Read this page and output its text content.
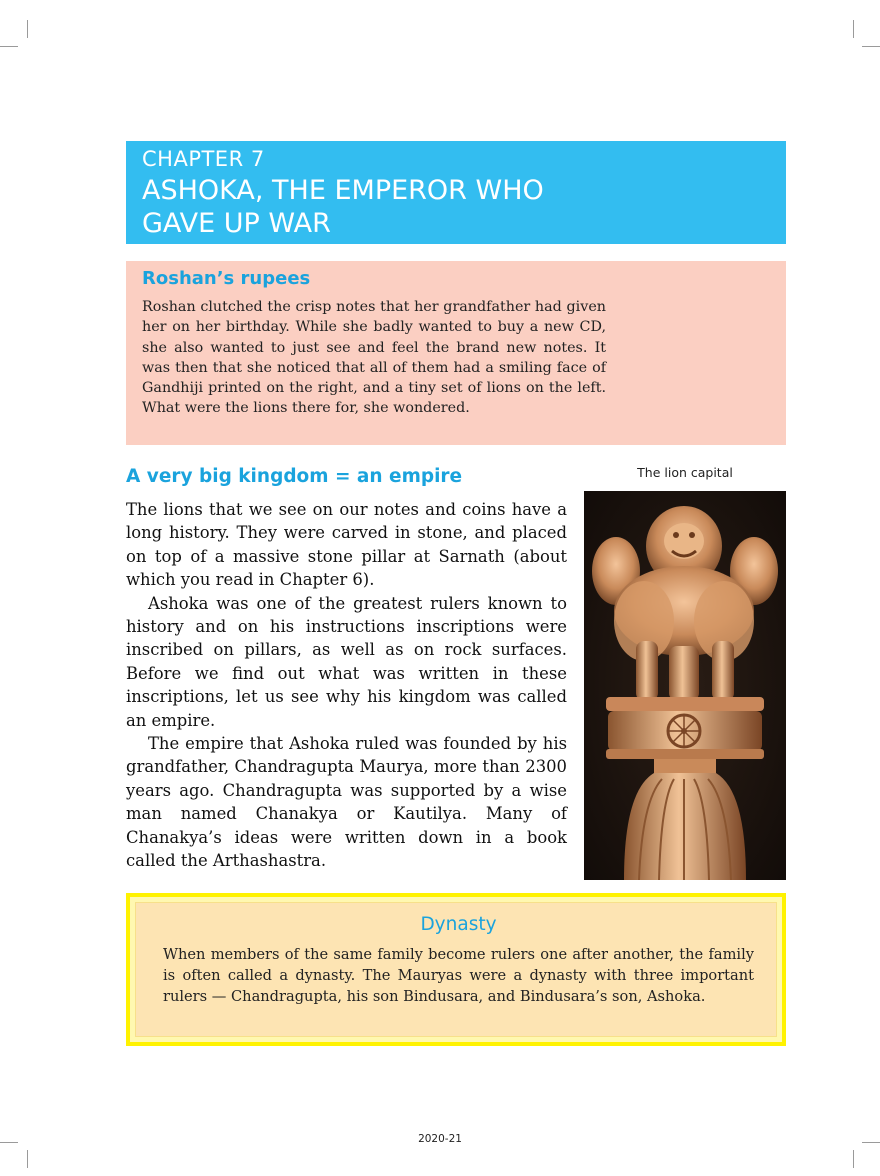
CHAPTER 7
ASHOKA, THE EMPEROR WHO
GAVE UP WAR
Roshan’s rupees
Roshan clutched the crisp notes that her grandfather had given her on her birthday. While she badly wanted to buy a new CD, she also wanted to just see and feel the brand new notes. It was then that she noticed that all of them had a smiling face of Gandhiji printed on the right, and a tiny set of lions on the left. What were the lions there for, she wondered.
A very big kingdom = an empire

The lions that we see on our notes and coins have a long history. They were carved in stone, and placed on top of a massive stone pillar at Sarnath (about which you read in Chapter 6).

Ashoka was one of the greatest rulers known to history and on his instructions inscriptions were inscribed on pillars, as well as on rock surfaces. Before we find out what was written in these inscriptions, let us see why his kingdom was called an empire.

The empire that Ashoka ruled was founded by his grandfather, Chandragupta Maurya, more than 2300 years ago. Chandragupta was supported by a wise man named Chanakya or Kautilya. Many of Chanakya’s ideas were written down in a book called the Arthashastra.

The lion capital
Dynasty
When members of the same family become rulers one after another, the family is often called a dynasty. The Mauryas were a dynasty with three important rulers — Chandragupta, his son Bindusara, and Bindusara’s son, Ashoka.
2020-21
